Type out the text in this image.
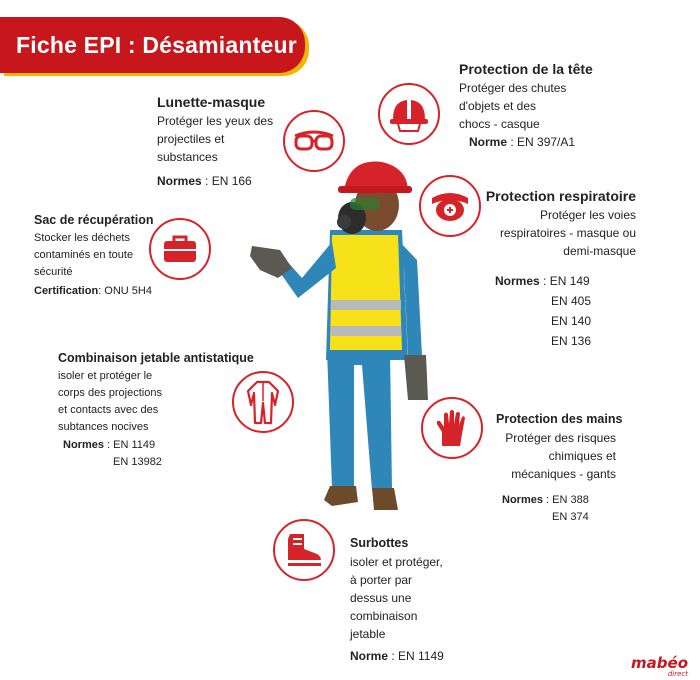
Fiche EPI : Désamianteur
Protection de la tête
Protéger des chutes
d'objets et des
chocs - casque
Norme : EN 397/A1
Lunette-masque
Protéger les yeux des
projectiles et
substances
Normes : EN 166
Protection respiratoire
Protéger les voies
respiratoires - masque ou
demi-masque
Normes : EN 149
EN 405
EN 140
EN 136
Sac de récupération
Stocker les déchets
contaminés en toute
sécurité
Certification: ONU 5H4
Combinaison jetable antistatique
isoler et protéger le
corps des projections
et contacts avec des
subtances nocives
Normes : EN 1149
EN 13982
Protection des mains
Protéger des risques
chimiques et
mécaniques - gants
Normes : EN 388
EN 374
Surbottes
isoler et protéger,
à porter par
dessus une
combinaison
jetable
Norme : EN 1149	mabéo
direct
